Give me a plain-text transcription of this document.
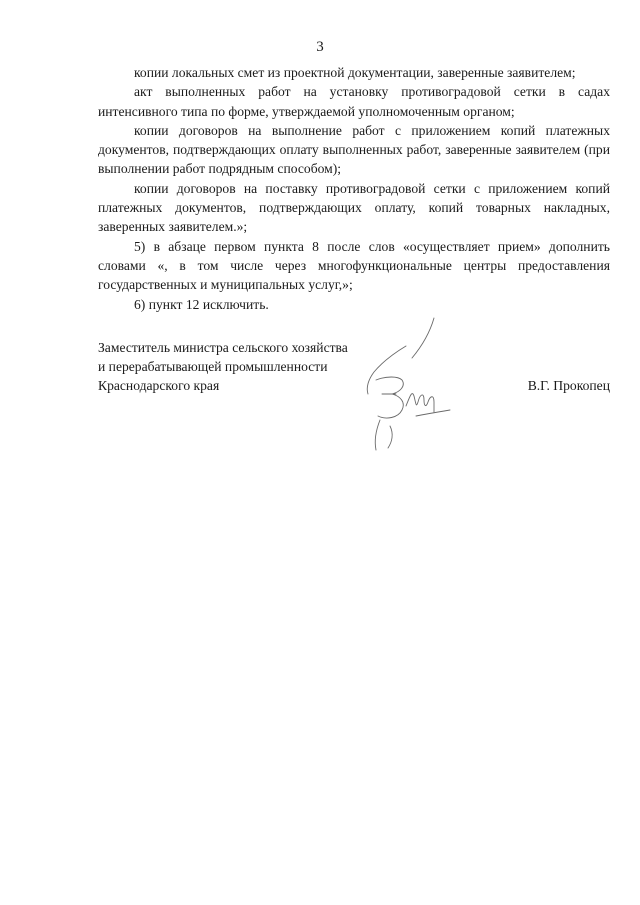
3

копии локальных смет из проектной документации, заверенные заявителем;

акт выполненных работ на установку противоградовой сетки в садах интенсивного типа по форме, утверждаемой уполномоченным органом;

копии договоров на выполнение работ с приложением копий платежных документов, подтверждающих оплату выполненных работ, заверенные заявителем (при выполнении работ подрядным способом);

копии договоров на поставку противоградовой сетки с приложением копий платежных документов, подтверждающих оплату, копий товарных накладных, заверенных заявителем.»;

5) в абзаце первом пункта 8 после слов «осуществляет прием» дополнить словами «, в том числе через многофункциональные центры предоставления государственных и муниципальных услуг,»;

6) пункт 12 исключить.

Заместитель министра сельского хозяйства
и перерабатывающей промышленности
Краснодарского края	В.Г. Прокопец
